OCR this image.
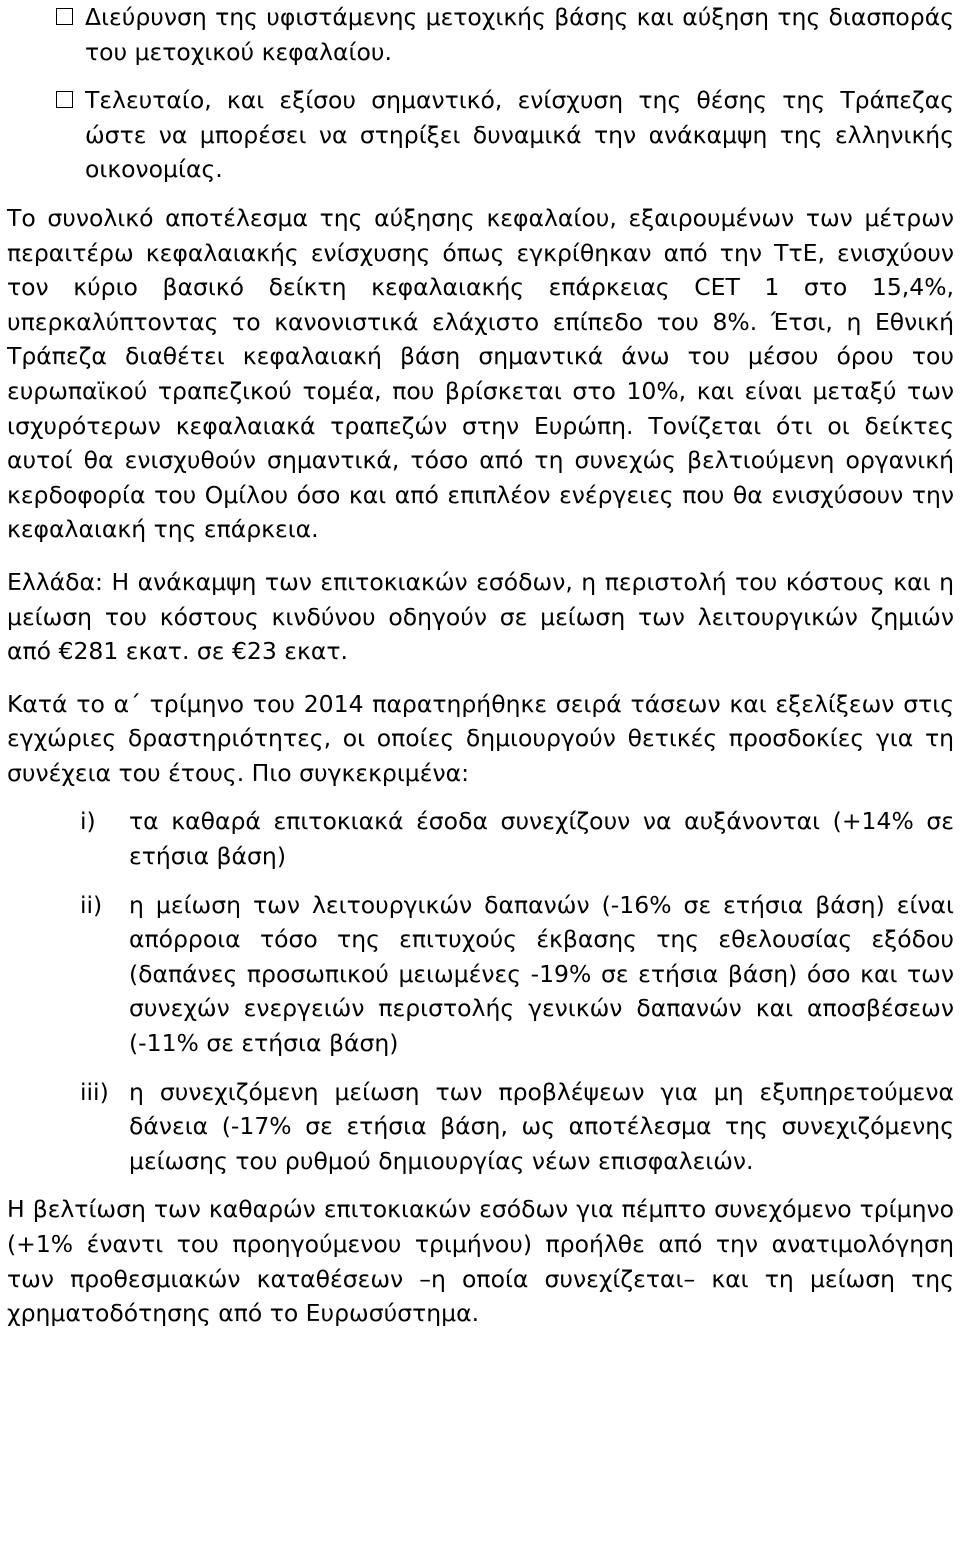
Διεύρυνση της υφιστάμενης μετοχικής βάσης και αύξηση της διασποράς του μετοχικού κεφαλαίου.
Τελευταίο, και εξίσου σημαντικό, ενίσχυση της θέσης της Τράπεζας ώστε να μπορέσει να στηρίξει δυναμικά την ανάκαμψη της ελληνικής οικονομίας.

Το συνολικό αποτέλεσμα της αύξησης κεφαλαίου, εξαιρουμένων των μέτρων περαιτέρω κεφαλαιακής ενίσχυσης όπως εγκρίθηκαν από την ΤτΕ, ενισχύουν τον κύριο βασικό δείκτη κεφαλαιακής επάρκειας CET 1 στο 15,4%, υπερκαλύπτοντας το κανονιστικά ελάχιστο επίπεδο του 8%. Έτσι, η Εθνική Τράπεζα διαθέτει κεφαλαιακή βάση σημαντικά άνω του μέσου όρου του ευρωπαϊκού τραπεζικού τομέα, που βρίσκεται στο 10%, και είναι μεταξύ των ισχυρότερων κεφαλαιακά τραπεζών στην Ευρώπη. Τονίζεται ότι οι δείκτες αυτοί θα ενισχυθούν σημαντικά, τόσο από τη συνεχώς βελτιούμενη οργανική κερδοφορία του Ομίλου όσο και από επιπλέον ενέργειες που θα ενισχύσουν την κεφαλαιακή της επάρκεια.

Ελλάδα: Η ανάκαμψη των επιτοκιακών εσόδων, η περιστολή του κόστους και η μείωση του κόστους κινδύνου οδηγούν σε μείωση των λειτουργικών ζημιών από €281 εκατ. σε €23 εκατ.

Κατά το α΄ τρίμηνο του 2014 παρατηρήθηκε σειρά τάσεων και εξελίξεων στις εγχώριες δραστηριότητες, οι οποίες δημιουργούν θετικές προσδοκίες για τη συνέχεια του έτους. Πιο συγκεκριμένα:

i) τα καθαρά επιτοκιακά έσοδα συνεχίζουν να αυξάνονται (+14% σε ετήσια βάση)
ii) η μείωση των λειτουργικών δαπανών (-16% σε ετήσια βάση) είναι απόρροια τόσο της επιτυχούς έκβασης της εθελουσίας εξόδου (δαπάνες προσωπικού μειωμένες -19% σε ετήσια βάση) όσο και των συνεχών ενεργειών περιστολής γενικών δαπανών και αποσβέσεων (-11% σε ετήσια βάση)
iii) η συνεχιζόμενη μείωση των προβλέψεων για μη εξυπηρετούμενα δάνεια (-17% σε ετήσια βάση, ως αποτέλεσμα της συνεχιζόμενης μείωσης του ρυθμού δημιουργίας νέων επισφαλειών.

Η βελτίωση των καθαρών επιτοκιακών εσόδων για πέμπτο συνεχόμενο τρίμηνο (+1% έναντι του προηγούμενου τριμήνου) προήλθε από την ανατιμολόγηση των προθεσμιακών καταθέσεων –η οποία συνεχίζεται– και τη μείωση της χρηματοδότησης από το Ευρωσύστημα.
